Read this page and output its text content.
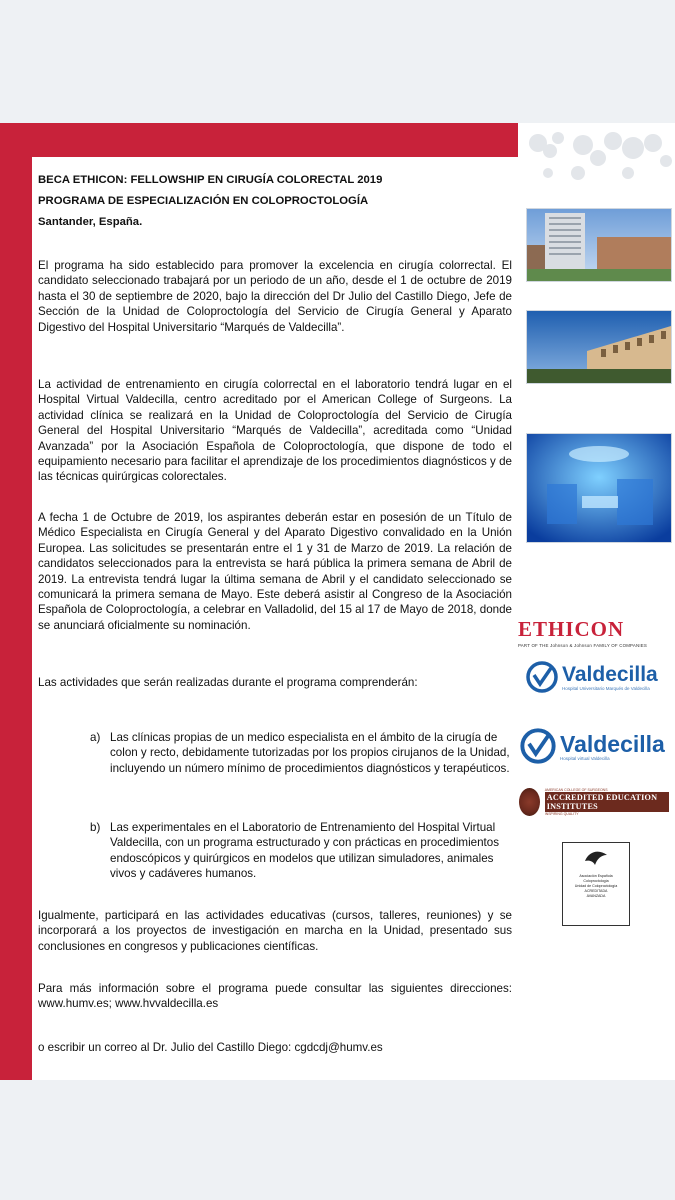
BECA ETHICON: FELLOWSHIP EN CIRUGÍA COLORECTAL 2019
PROGRAMA DE ESPECIALIZACIÓN EN COLOPROCTOLOGÍA
Santander, España.
El programa ha sido establecido para promover la excelencia en cirugía colorrectal. El candidato seleccionado trabajará por un periodo de un año, desde el 1 de octubre de 2019 hasta el 30 de septiembre de 2020, bajo la dirección del Dr Julio del Castillo Diego, Jefe de Sección de la Unidad de Coloproctología del Servicio de Cirugía General y Aparato Digestivo del Hospital Universitario “Marqués de Valdecilla”.
La actividad de entrenamiento en cirugía colorrectal en el laboratorio tendrá lugar en el Hospital Virtual Valdecilla, centro acreditado por el American College of Surgeons. La actividad clínica se realizará en la Unidad de Coloproctología del Servicio de Cirugía General del Hospital Universitario “Marqués de Valdecilla”, acreditada como “Unidad Avanzada” por la Asociación Española de Coloproctología, que dispone de todo el equipamiento necesario para facilitar el aprendizaje de los procedimientos diagnósticos y de las técnicas quirúrgicas colorectales.
A fecha 1 de Octubre de 2019, los aspirantes deberán estar en posesión de un Título de Médico Especialista en Cirugía General y del Aparato Digestivo convalidado en la Unión Europea. Las solicitudes se presentarán entre el 1 y 31 de Marzo de 2019. La relación de candidatos seleccionados para la entrevista se hará pública la primera semana de Abril de 2019. La entrevista tendrá lugar la última semana de Abril y el candidato seleccionado se comunicará la primera semana de Mayo. Este deberá asistir al Congreso de la Asociación Española de Coloproctología, a celebrar en Valladolid, del 15 al 17 de Mayo de 2018, donde se anunciará oficialmente su nominación.
Las actividades que serán realizadas durante el programa comprenderán:
a) Las clínicas propias de un medico especialista en el ámbito de la cirugía de colon y recto, debidamente tutorizadas por los propios cirujanos de la Unidad, incluyendo un número mínimo de procedimientos diagnósticos y terapéuticos.
b) Las experimentales en el Laboratorio de Entrenamiento del Hospital Virtual Valdecilla, con un programa estructurado y con prácticas en procedimientos endoscópicos y quirúrgicos en modelos que utilizan simuladores, animales vivos y cadáveres humanos.
Igualmente, participará en las actividades educativas (cursos, talleres, reuniones) y se incorporará a los proyectos de investigación en marcha en la Unidad, presentado sus conclusiones en congresos y publicaciones científicas.
Para más información sobre el programa puede consultar las siguientes direcciones: www.humv.es; www.hvvaldecilla.es
o escribir un correo al Dr. Julio del Castillo Diego: cgdcdj@humv.es
ETHICON
PART OF THE Johnson & Johnson FAMILY OF COMPANIES
Valdecilla
Hospital Universitario Marqués de Valdecilla
Valdecilla
Hospital virtual Valdecilla
AMERICAN COLLEGE OF SURGEONS
ACCREDITED EDUCATION INSTITUTES
INSPIRING QUALITY
Asociación Española
Coloproctología
Unidad de Coloproctología
ACREDITADA
AVANZADA
